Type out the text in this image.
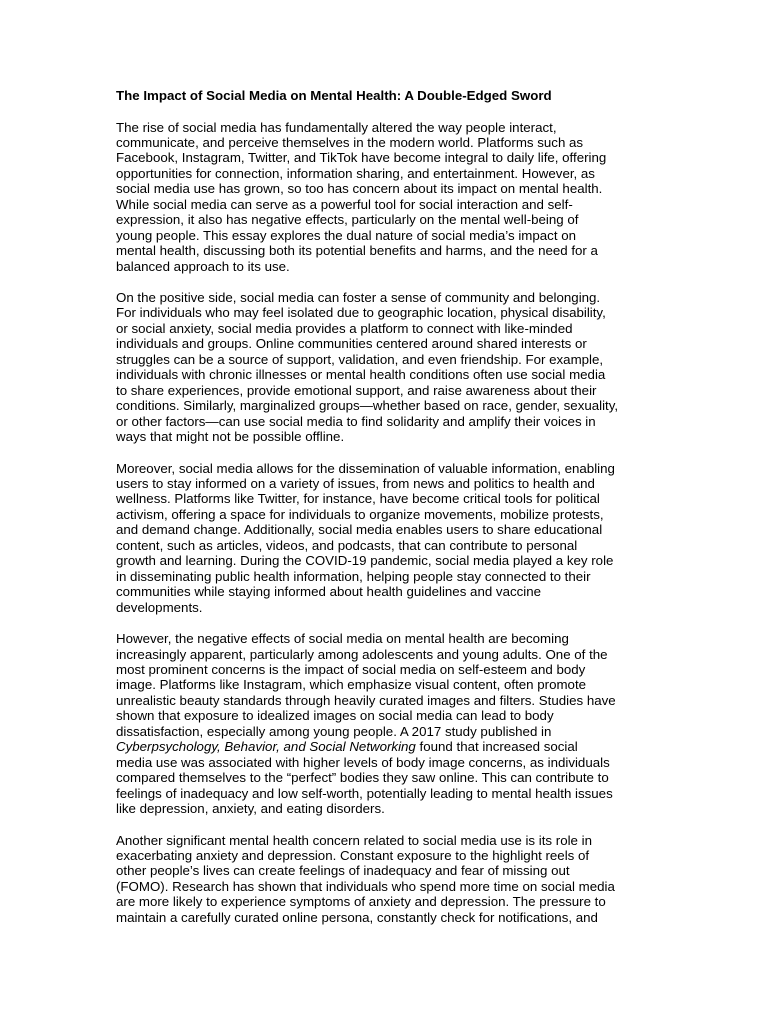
The Impact of Social Media on Mental Health: A Double-Edged Sword
The rise of social media has fundamentally altered the way people interact,
communicate, and perceive themselves in the modern world. Platforms such as
Facebook, Instagram, Twitter, and TikTok have become integral to daily life, offering
opportunities for connection, information sharing, and entertainment. However, as
social media use has grown, so too has concern about its impact on mental health.
While social media can serve as a powerful tool for social interaction and self-
expression, it also has negative effects, particularly on the mental well-being of
young people. This essay explores the dual nature of social media’s impact on
mental health, discussing both its potential benefits and harms, and the need for a
balanced approach to its use.
On the positive side, social media can foster a sense of community and belonging.
For individuals who may feel isolated due to geographic location, physical disability,
or social anxiety, social media provides a platform to connect with like-minded
individuals and groups. Online communities centered around shared interests or
struggles can be a source of support, validation, and even friendship. For example,
individuals with chronic illnesses or mental health conditions often use social media
to share experiences, provide emotional support, and raise awareness about their
conditions. Similarly, marginalized groups—whether based on race, gender, sexuality,
or other factors—can use social media to find solidarity and amplify their voices in
ways that might not be possible offline.
Moreover, social media allows for the dissemination of valuable information, enabling
users to stay informed on a variety of issues, from news and politics to health and
wellness. Platforms like Twitter, for instance, have become critical tools for political
activism, offering a space for individuals to organize movements, mobilize protests,
and demand change. Additionally, social media enables users to share educational
content, such as articles, videos, and podcasts, that can contribute to personal
growth and learning. During the COVID-19 pandemic, social media played a key role
in disseminating public health information, helping people stay connected to their
communities while staying informed about health guidelines and vaccine
developments.
However, the negative effects of social media on mental health are becoming
increasingly apparent, particularly among adolescents and young adults. One of the
most prominent concerns is the impact of social media on self-esteem and body
image. Platforms like Instagram, which emphasize visual content, often promote
unrealistic beauty standards through heavily curated images and filters. Studies have
shown that exposure to idealized images on social media can lead to body
dissatisfaction, especially among young people. A 2017 study published in
Cyberpsychology, Behavior, and Social Networking found that increased social
media use was associated with higher levels of body image concerns, as individuals
compared themselves to the “perfect” bodies they saw online. This can contribute to
feelings of inadequacy and low self-worth, potentially leading to mental health issues
like depression, anxiety, and eating disorders.
Another significant mental health concern related to social media use is its role in
exacerbating anxiety and depression. Constant exposure to the highlight reels of
other people’s lives can create feelings of inadequacy and fear of missing out
(FOMO). Research has shown that individuals who spend more time on social media
are more likely to experience symptoms of anxiety and depression. The pressure to
maintain a carefully curated online persona, constantly check for notifications, and
